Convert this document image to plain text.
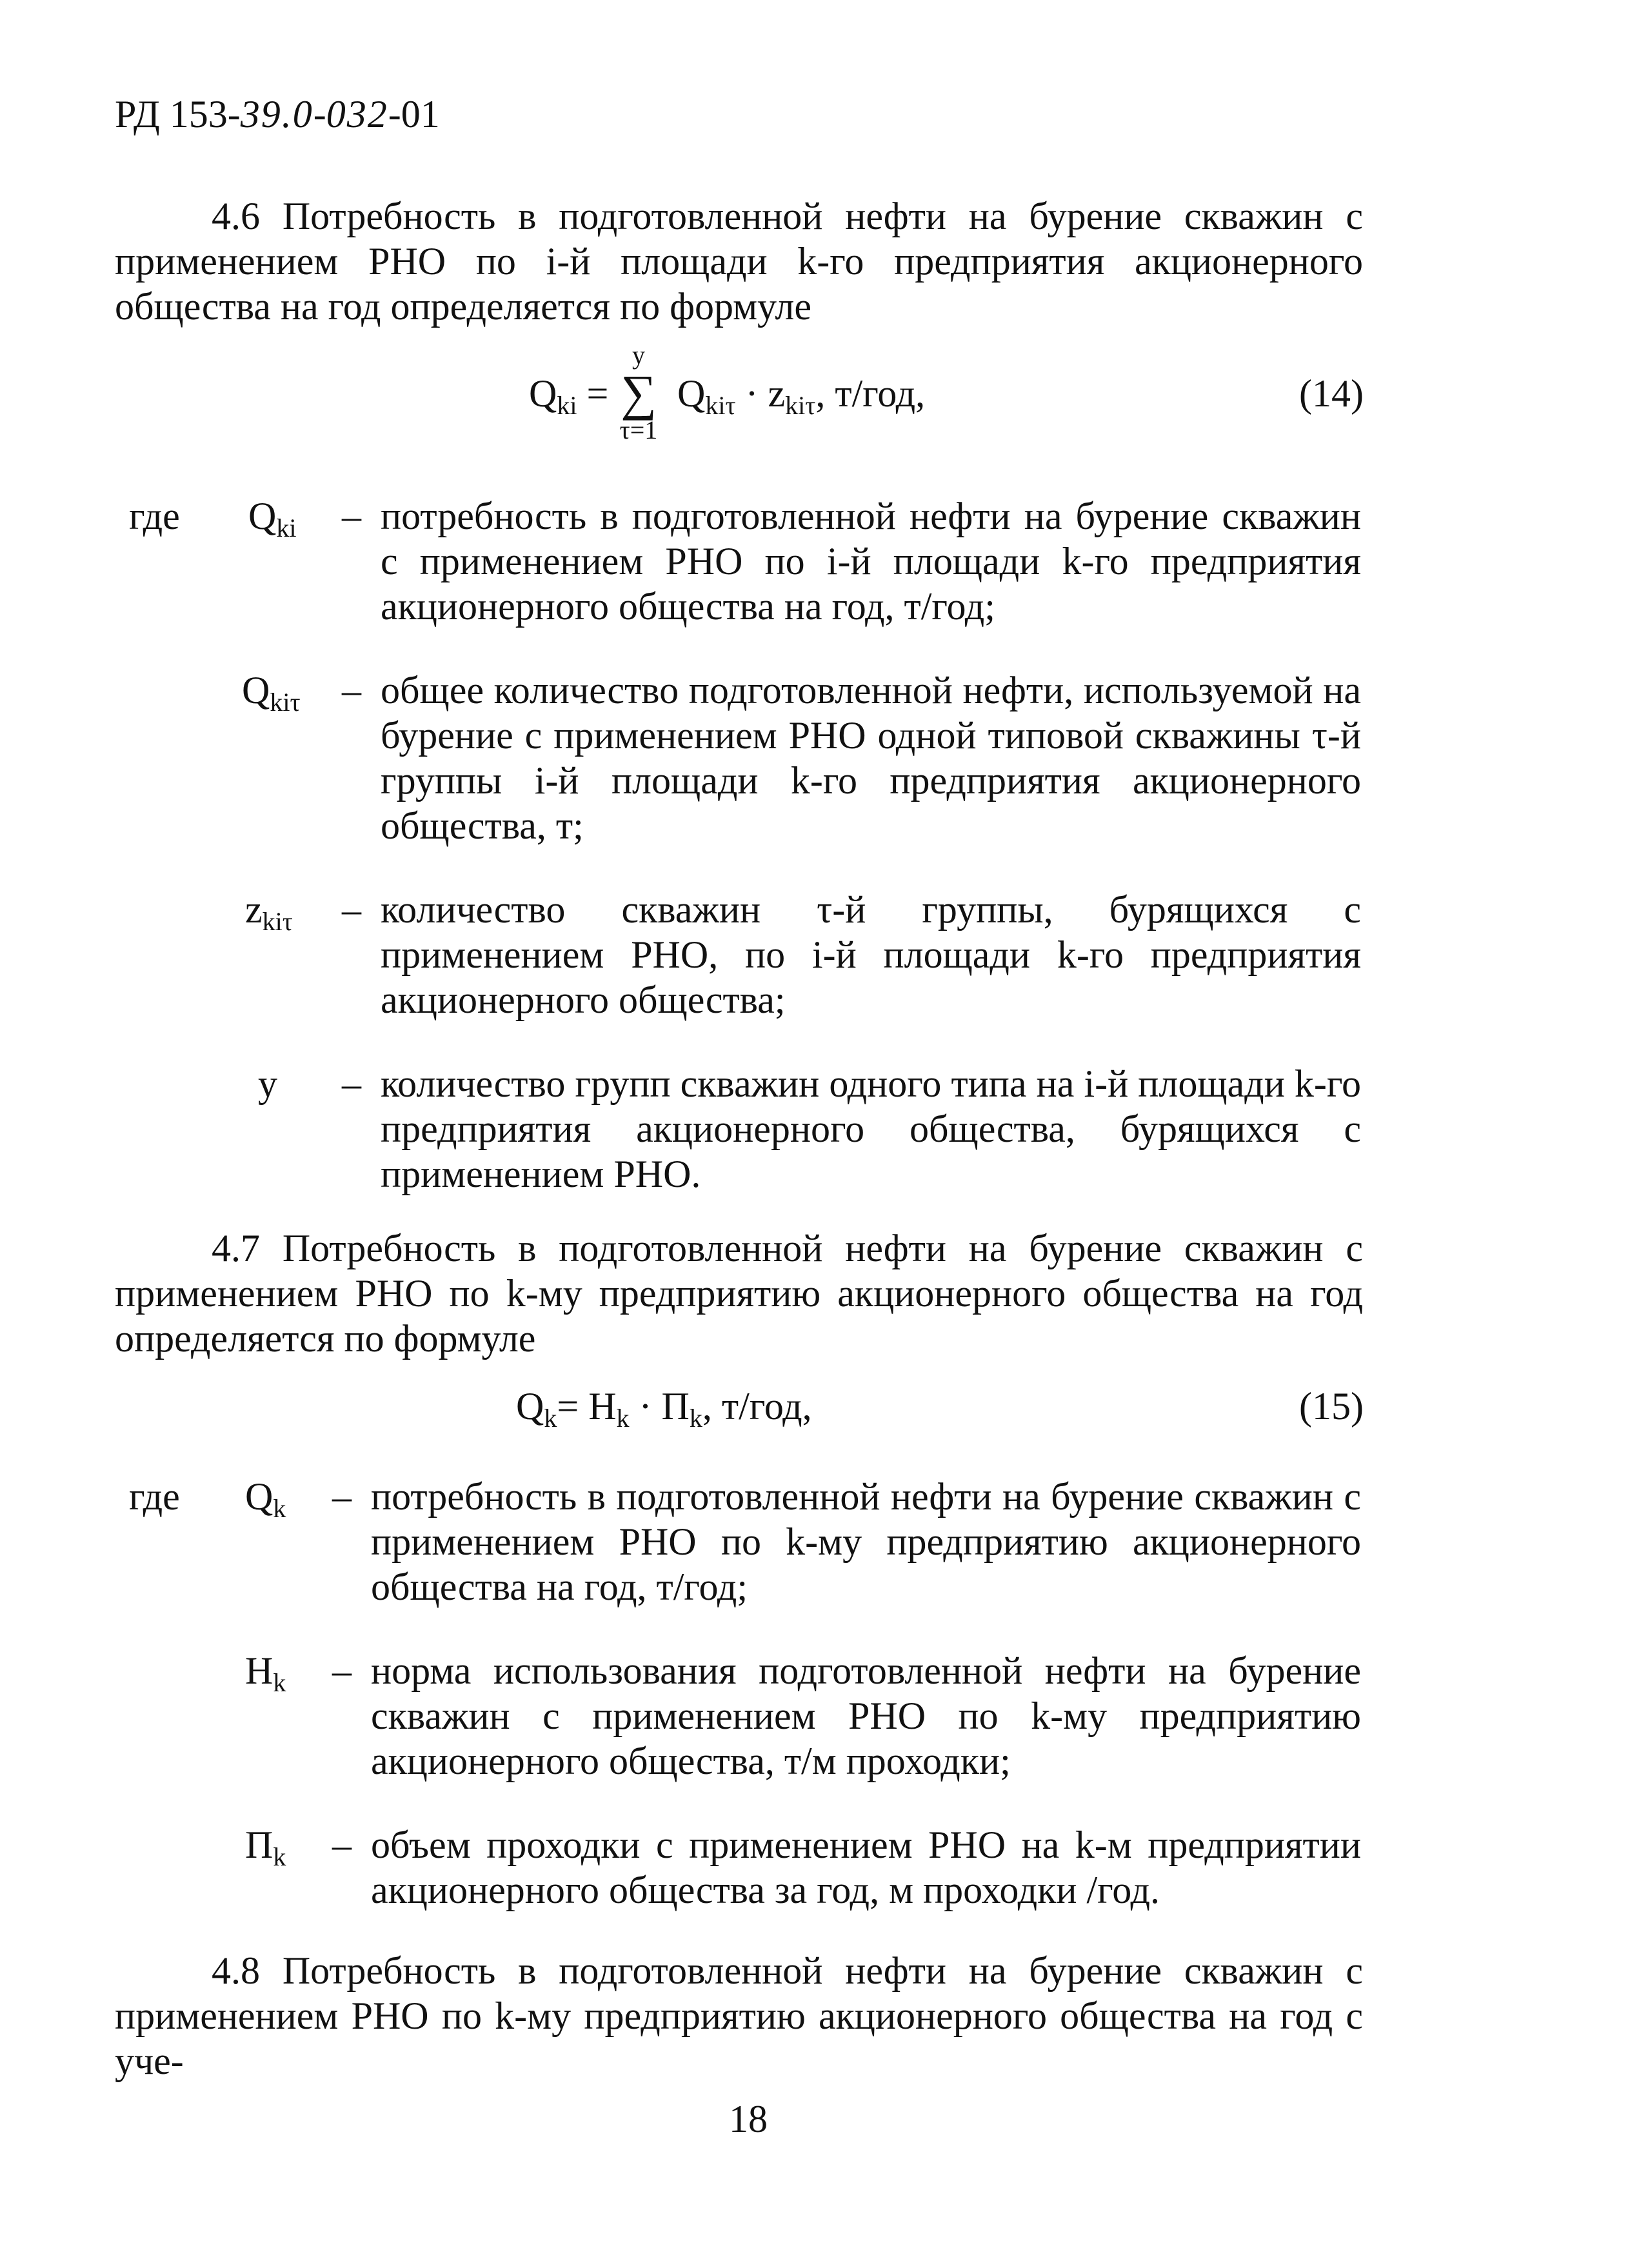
РД 153-39.0-032-01
4.6 Потребность в подготовленной нефти на бурение скважин с применением РНО по i-й площади k-го предприятия акционерного общества на год определяется по формуле
$Q_{ki}$ =
y
∑
τ=1
$Q_{ki\tau} \cdot z_{ki\tau}$, т/год,	(14)
где $Q_{ki}$ – потребность в подготовленной нефти на бурение скважин с применением РНО по i-й площади k-го предприятия акционерного общества на год, т/год;
$Q_{ki\tau}$ – общее количество подготовленной нефти, используемой на бурение с применением РНО одной типовой скважины τ-й группы i-й площади k-го предприятия акционерного общества, т;
$z_{ki\tau}$ – количество скважин τ-й группы, бурящихся с применением РНО, по i-й площади k-го предприятия акционерного общества;
y – количество групп скважин одного типа на i-й площади k-го предприятия акционерного общества, бурящихся с применением РНО.
4.7 Потребность в подготовленной нефти на бурение скважин с применением РНО по k-му предприятию акционерного общества на год определяется по формуле
$Q_k= H_k \cdot П_k$, т/год,	(15)
где $Q_k$ – потребность в подготовленной нефти на бурение скважин с применением РНО по k-му предприятию акционерного общества на год, т/год;
$H_k$ – норма использования подготовленной нефти на бурение скважин с применением РНО по k-му предприятию акционерного общества, т/м проходки;
$П_k$ – объем проходки с применением РНО на k-м предприятии акционерного общества за год, м проходки /год.
4.8 Потребность в подготовленной нефти на бурение скважин с применением РНО по k-му предприятию акционерного общества на год с уче-
18
